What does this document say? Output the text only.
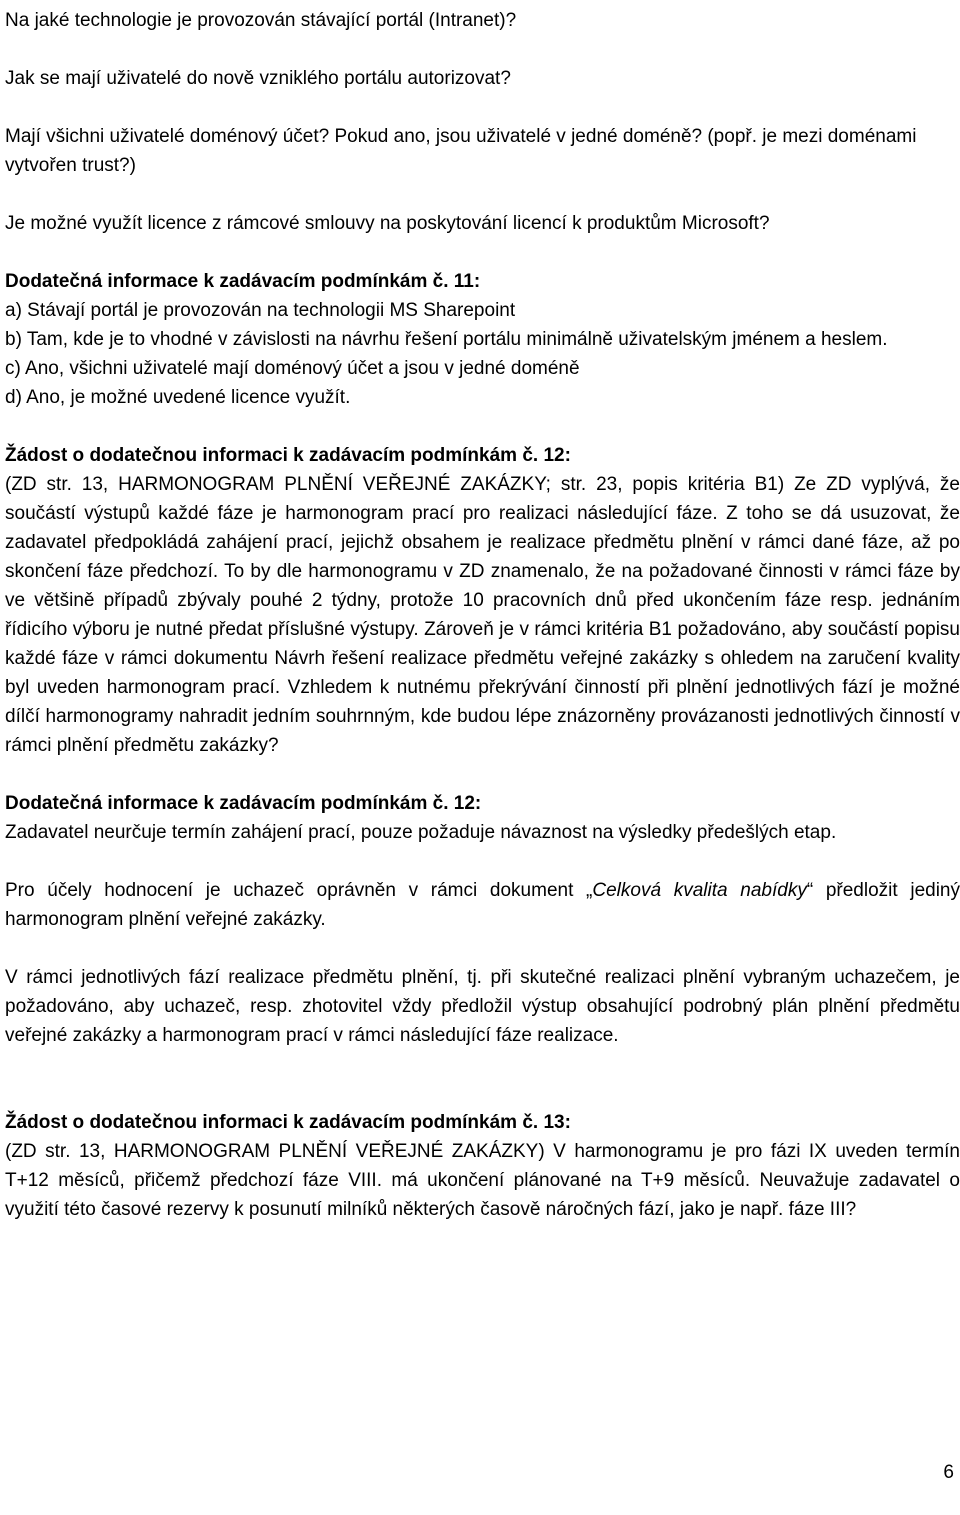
Na jaké technologie je provozován stávající portál (Intranet)?

Jak se mají uživatelé do nově vzniklého portálu autorizovat?

Mají všichni uživatelé doménový účet? Pokud ano, jsou uživatelé v jedné doméně? (popř. je mezi doménami vytvořen trust?)

Je možné využít licence z rámcové smlouvy na poskytování licencí k produktům Microsoft?

Dodatečná informace k zadávacím podmínkám č. 11:

a) Stávají portál je provozován na technologii MS Sharepoint

b) Tam, kde je to vhodné v závislosti na návrhu řešení portálu minimálně uživatelským jménem a heslem.

c) Ano, všichni uživatelé mají doménový účet a jsou v jedné doméně

d) Ano, je možné uvedené licence využít.

Žádost o dodatečnou informaci k zadávacím podmínkám č. 12:

(ZD str. 13, HARMONOGRAM PLNĚNÍ VEŘEJNÉ ZAKÁZKY; str. 23, popis kritéria B1) Ze ZD vyplývá, že součástí výstupů každé fáze je harmonogram prací pro realizaci následující fáze. Z toho se dá usuzovat, že zadavatel předpokládá zahájení prací, jejichž obsahem je realizace předmětu plnění v rámci dané fáze, až po skončení fáze předchozí. To by dle harmonogramu v ZD znamenalo, že na požadované činnosti v rámci fáze by ve většině případů zbývaly pouhé 2 týdny, protože 10 pracovních dnů před ukončením fáze resp. jednáním řídicího výboru je nutné předat příslušné výstupy. Zároveň je v rámci kritéria B1 požadováno, aby součástí popisu každé fáze v rámci dokumentu Návrh řešení realizace předmětu veřejné zakázky s ohledem na zaručení kvality byl uveden harmonogram prací. Vzhledem k nutnému překrývání činností při plnění jednotlivých fází je možné dílčí harmonogramy nahradit jedním souhrnným, kde budou lépe znázorněny provázanosti jednotlivých činností v rámci plnění předmětu zakázky?

Dodatečná informace k zadávacím podmínkám č. 12:

Zadavatel neurčuje termín zahájení prací, pouze požaduje návaznost na výsledky předešlých etap.

Pro účely hodnocení je uchazeč oprávněn v rámci dokument „Celková kvalita nabídky“ předložit jediný harmonogram plnění veřejné zakázky.

V rámci jednotlivých fází realizace předmětu plnění, tj. při skutečné realizaci plnění vybraným uchazečem, je požadováno, aby uchazeč, resp. zhotovitel vždy předložil výstup obsahující podrobný plán plnění předmětu veřejné zakázky a harmonogram prací v rámci následující fáze realizace.

Žádost o dodatečnou informaci k zadávacím podmínkám č. 13:

(ZD str. 13, HARMONOGRAM PLNĚNÍ VEŘEJNÉ ZAKÁZKY) V harmonogramu je pro fázi IX uveden termín T+12 měsíců, přičemž předchozí fáze VIII. má ukončení plánované na T+9 měsíců. Neuvažuje zadavatel o využití této časové rezervy k posunutí milníků některých časově náročných fází, jako je např. fáze III?

6
